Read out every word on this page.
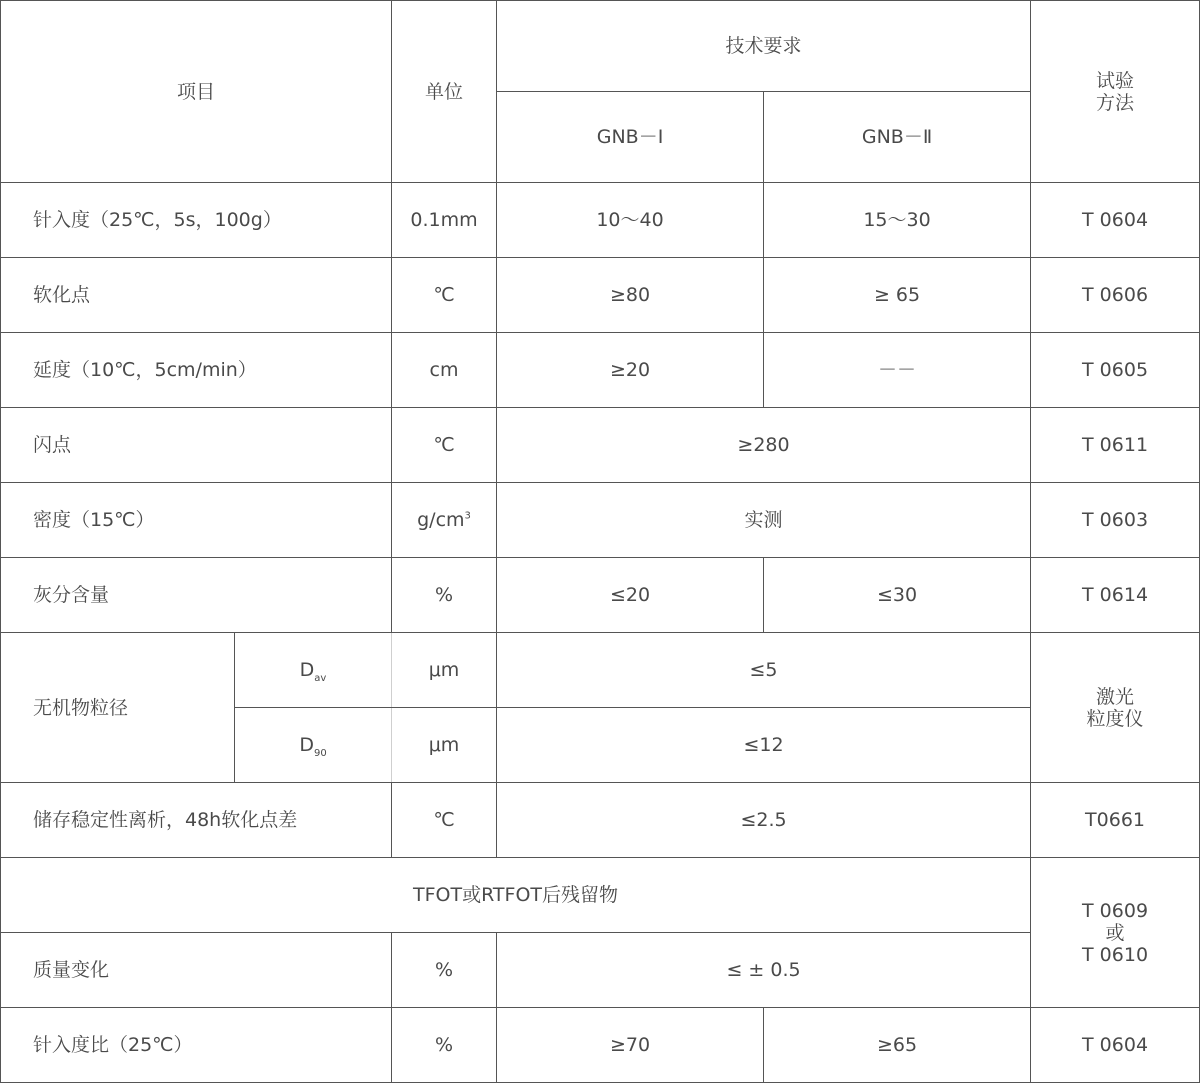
项目		单位	技术要求		试验
方法

			GNB－Ⅰ	GNB－Ⅱ	
针入度（25℃，5s，100g）		0.1mm	10～40	15～30	T 0604
软化点		℃	≥80	≥ 65	T 0606
延度（10℃，5cm/min）		cm	≥20	－－	T 0605
闪点		℃	≥280		T 0611
密度（15℃）		$g/cm^3$	实测		T 0603
灰分含量		%	≤20	≤30	T 0614
无机物粒径	$D_{av}$	μm	≤5		激光
粒度仪

	$D_{90}$	μm	≤12		
储存稳定性离析，48h软化点差		℃	≤2.5		T0661
TFOT或RTFOT后残留物					T 0609
或
T 0610

质量变化		%	≤ ± 0.5		
针入度比（25℃）		%	≥70	≥65	T 0604
